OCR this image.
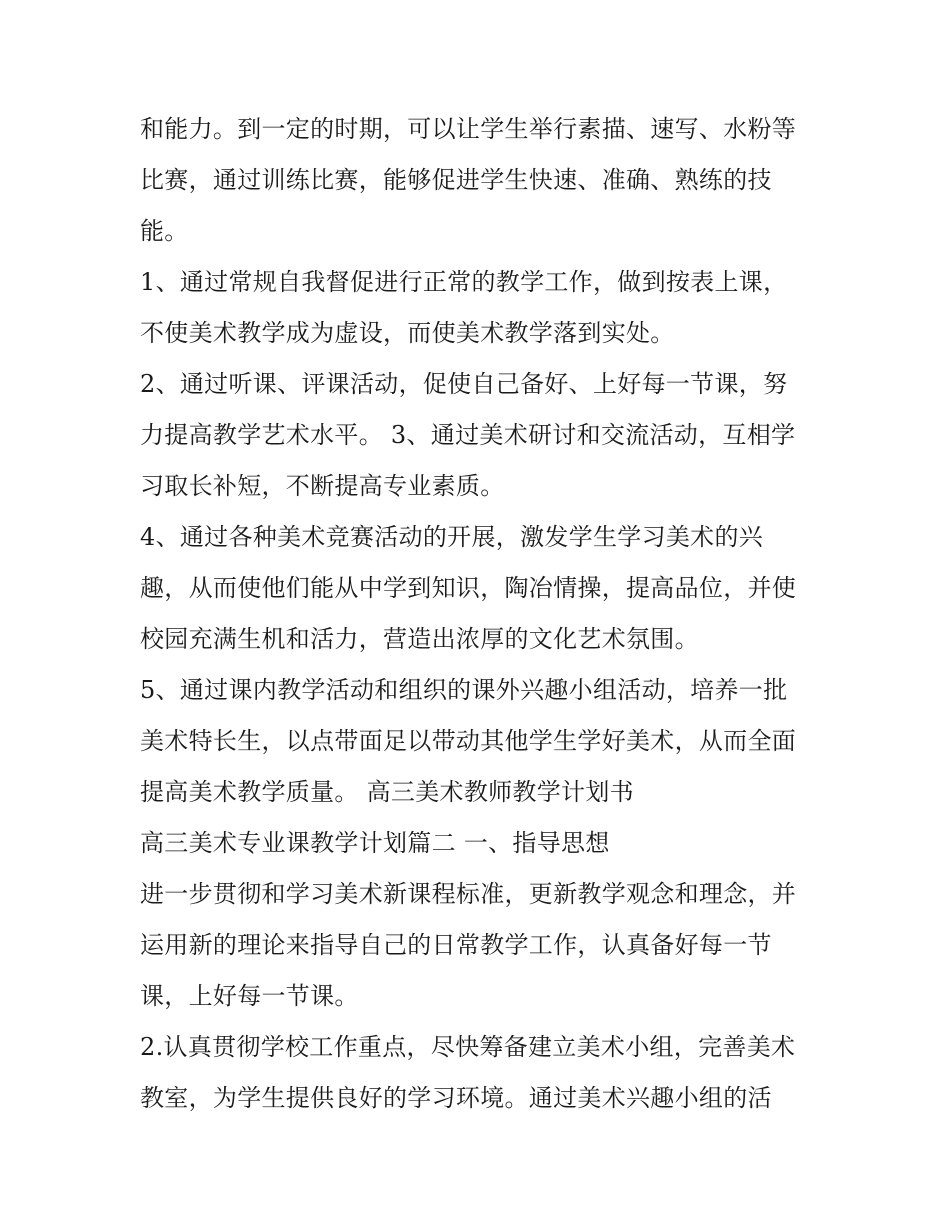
和能力。到一定的时期，可以让学生举行素描、速写、水粉等
比赛，通过训练比赛，能够促进学生快速、准确、熟练的技
能。
1、通过常规自我督促进行正常的教学工作，做到按表上课，
不使美术教学成为虚设，而使美术教学落到实处。
2、通过听课、评课活动，促使自己备好、上好每一节课，努
力提高教学艺术水平。 3、通过美术研讨和交流活动，互相学
习取长补短，不断提高专业素质。
4、通过各种美术竞赛活动的开展，激发学生学习美术的兴
趣，从而使他们能从中学到知识，陶冶情操，提高品位，并使
校园充满生机和活力，营造出浓厚的文化艺术氛围。
5、通过课内教学活动和组织的课外兴趣小组活动，培养一批
美术特长生，以点带面足以带动其他学生学好美术，从而全面
提高美术教学质量。 高三美术教师教学计划书
高三美术专业课教学计划篇二 一、指导思想
进一步贯彻和学习美术新课程标准，更新教学观念和理念，并
运用新的理论来指导自己的日常教学工作，认真备好每一节
课，上好每一节课。
2.认真贯彻学校工作重点，尽快筹备建立美术小组，完善美术
教室，为学生提供良好的学习环境。通过美术兴趣小组的活
